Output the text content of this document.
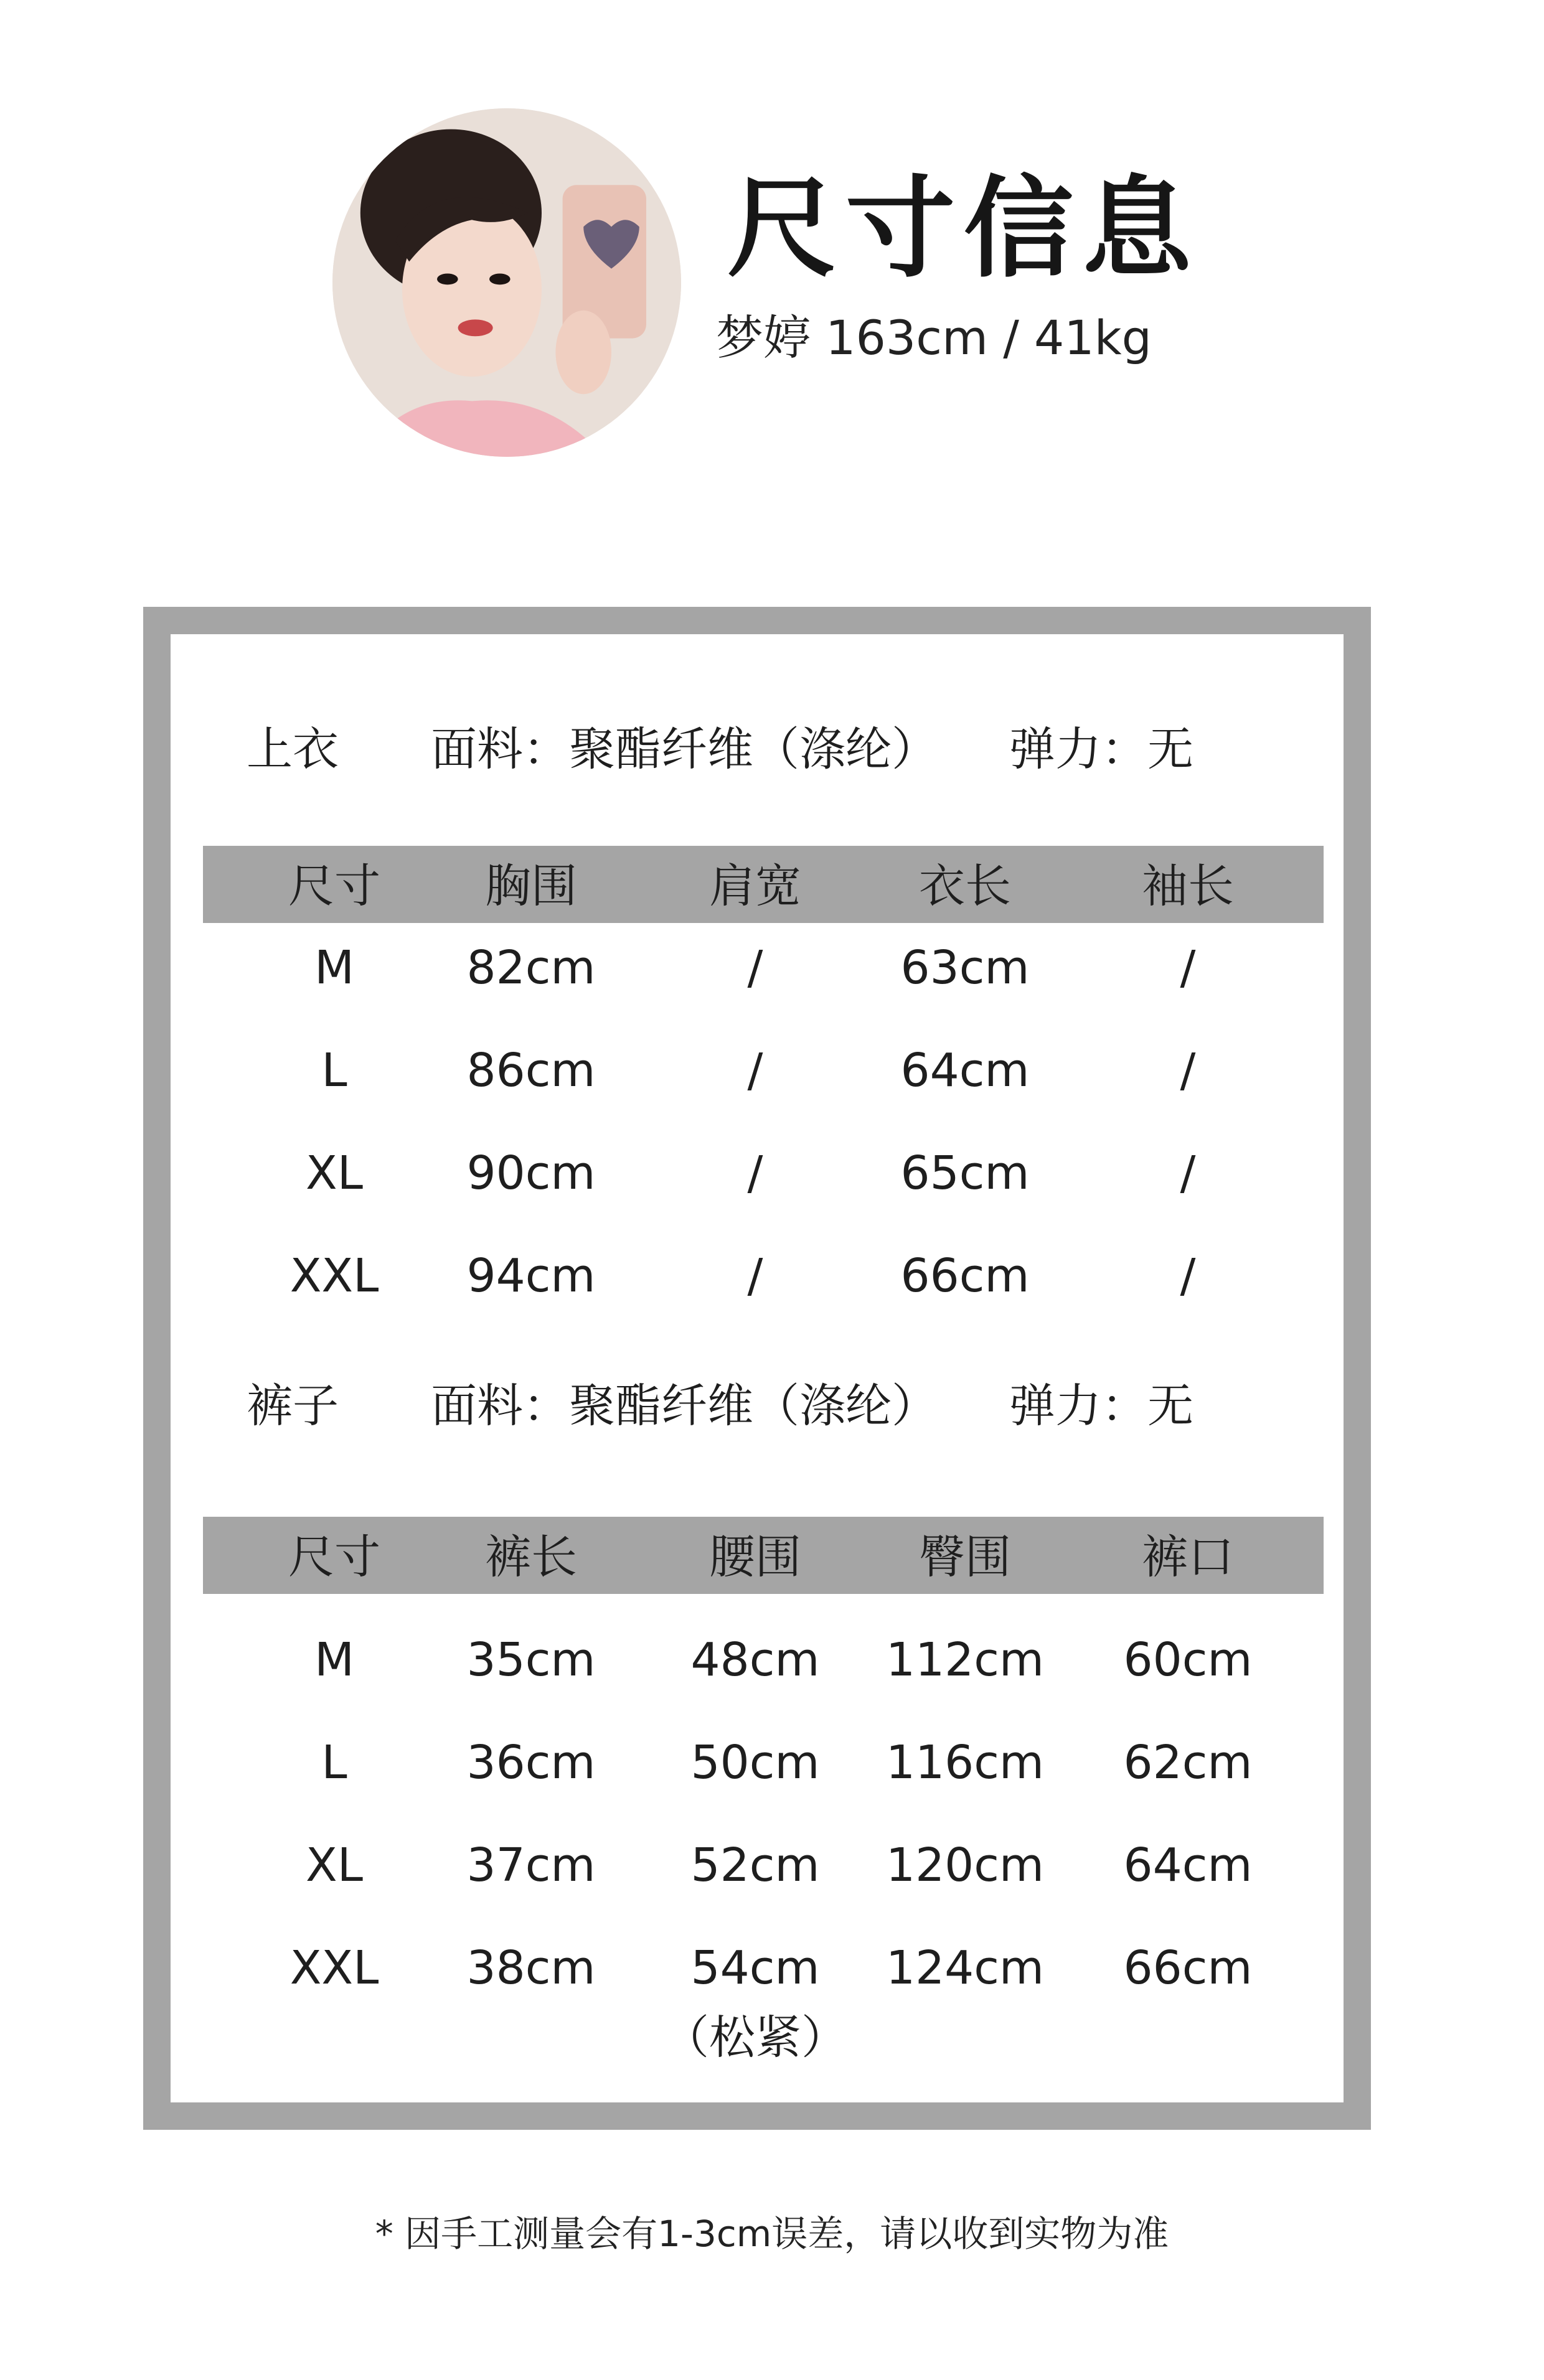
尺寸信息
梦婷 163cm / 41kg
上衣 面料：聚酯纤维（涤纶） 弹力：无
尺寸 胸围	肩宽	衣长	袖长
M 82cm	/	63cm	/
L	86cm	/	64cm	/
XL 90cm	/	65cm	/
XXL 94cm	/	66cm	/
裤子 面料：聚酯纤维（涤纶） 弹力：无
尺寸 裤长	腰围	臀围	裤口
M 35cm 48cm 112cm 60cm
L	36cm 50cm 116cm 62cm
XL 37cm 52cm 120cm 64cm
XXL 38cm 54cm 124cm 66cm
（松紧）
* 因手工测量会有1-3cm误差，请以收到实物为准
